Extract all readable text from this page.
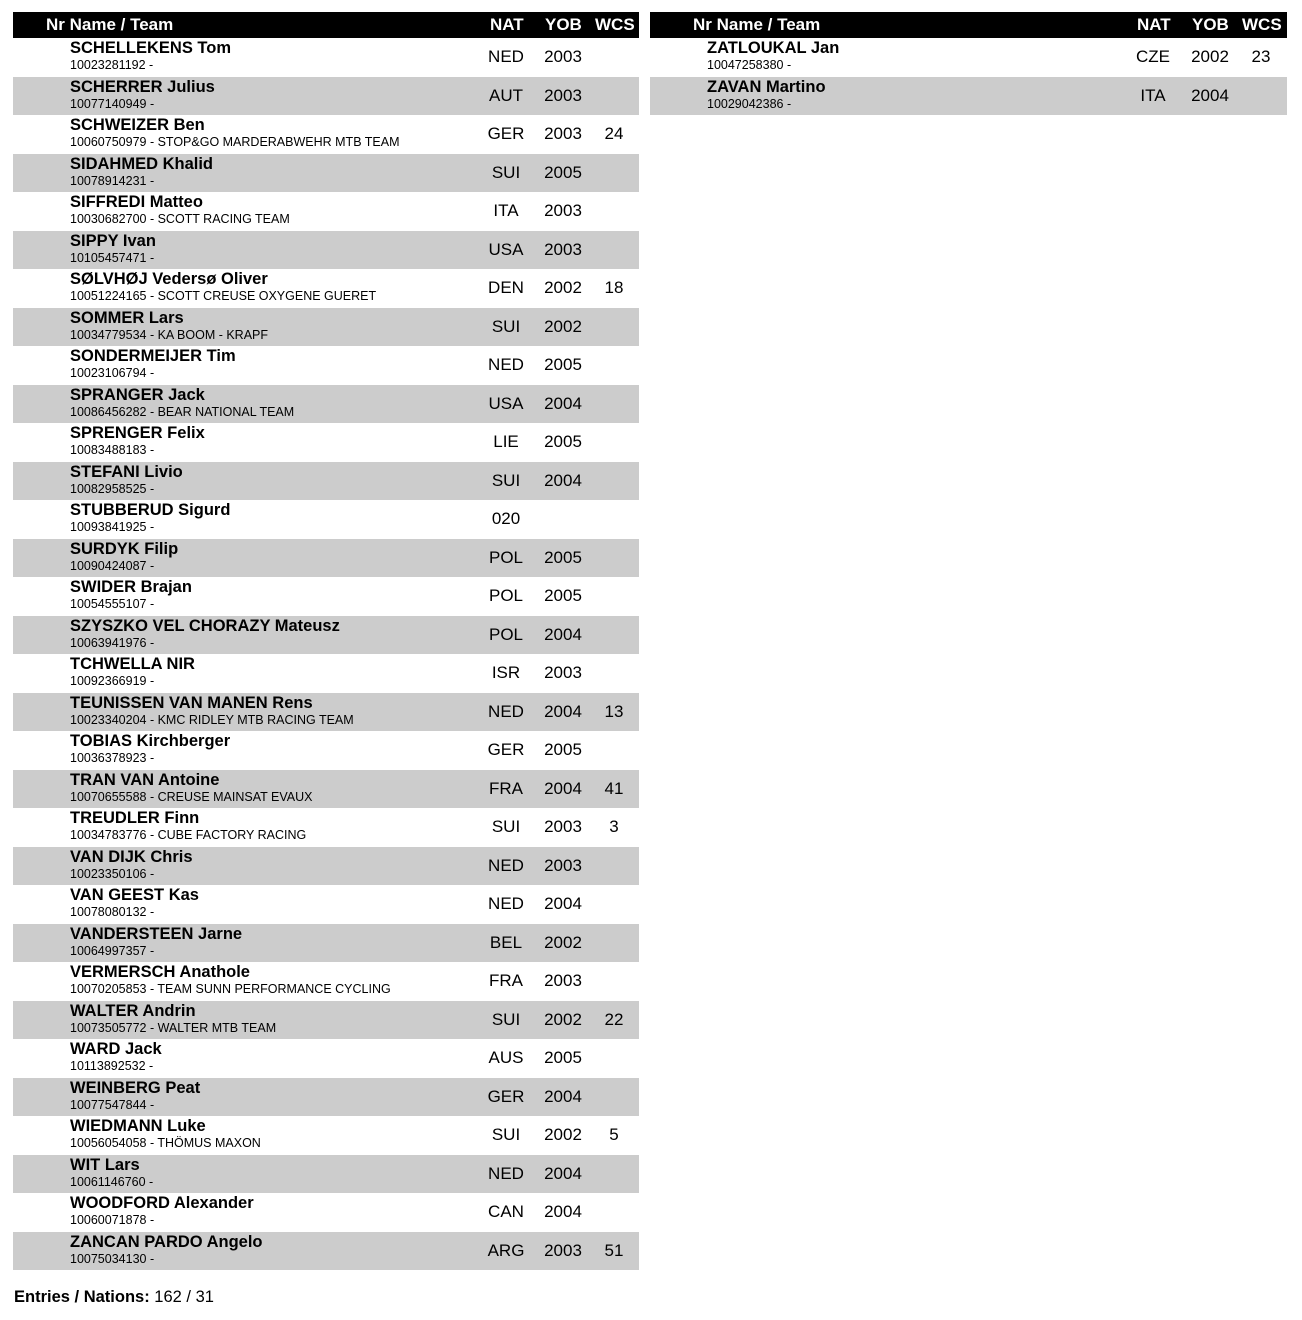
Nr Name / Team	NAT YOB WCS
SCHELLEKENS Tom
10023281192 -	NED 2003
SCHERRER Julius
10077140949 -	AUT 2003
SCHWEIZER Ben
10060750979 - STOP&GO MARDERABWEHR MTB TEAM	GER 2003	24
SIDAHMED Khalid
10078914231 -	SUI 2005
SIFFREDI Matteo
10030682700 - SCOTT RACING TEAM	ITA	2003
SIPPY Ivan
10105457471 -	USA 2003
SØLVHØJ Vedersø Oliver
10051224165 - SCOTT CREUSE OXYGENE GUERET	DEN 2002	18
SOMMER Lars
10034779534 - KA BOOM - KRAPF	SUI 2002
SONDERMEIJER Tim
10023106794 -	NED 2005
SPRANGER Jack
10086456282 - BEAR NATIONAL TEAM	USA 2004
SPRENGER Felix
10083488183 -	LIE	2005
STEFANI Livio
10082958525 -	SUI 2004
STUBBERUD Sigurd
10093841925 -	020
SURDYK Filip
10090424087 -	POL 2005
SWIDER Brajan
10054555107 -	POL 2005
SZYSZKO VEL CHORAZY Mateusz
10063941976 -	POL 2004
TCHWELLA NIR
10092366919 -	ISR 2003
TEUNISSEN VAN MANEN Rens
10023340204 - KMC RIDLEY MTB RACING TEAM	NED 2004	13
TOBIAS Kirchberger
10036378923 -	GER 2005
TRAN VAN Antoine
10070655588 - CREUSE MAINSAT EVAUX	FRA 2004	41
TREUDLER Finn
10034783776 - CUBE FACTORY RACING	SUI 2003	3
VAN DIJK Chris
10023350106 -	NED 2003
VAN GEEST Kas
10078080132 -	NED 2004
VANDERSTEEN Jarne
10064997357 -	BEL 2002
VERMERSCH Anathole
10070205853 - TEAM SUNN PERFORMANCE CYCLING	FRA 2003
WALTER Andrin
10073505772 - WALTER MTB TEAM	SUI 2002	22
WARD Jack
10113892532 -	AUS 2005
WEINBERG Peat
10077547844 -	GER 2004
WIEDMANN Luke
10056054058 - THÖMUS MAXON	SUI 2002	5
WIT Lars
10061146760 -	NED 2004
WOODFORD Alexander
10060071878 -	CAN 2004
ZANCAN PARDO Angelo
10075034130 -	ARG 2003	51
Nr Name / Team	NAT YOB WCS
ZATLOUKAL Jan
10047258380 -	CZE 2002	23
ZAVAN Martino
10029042386 -	ITA	2004
Entries / Nations: 162 / 31
